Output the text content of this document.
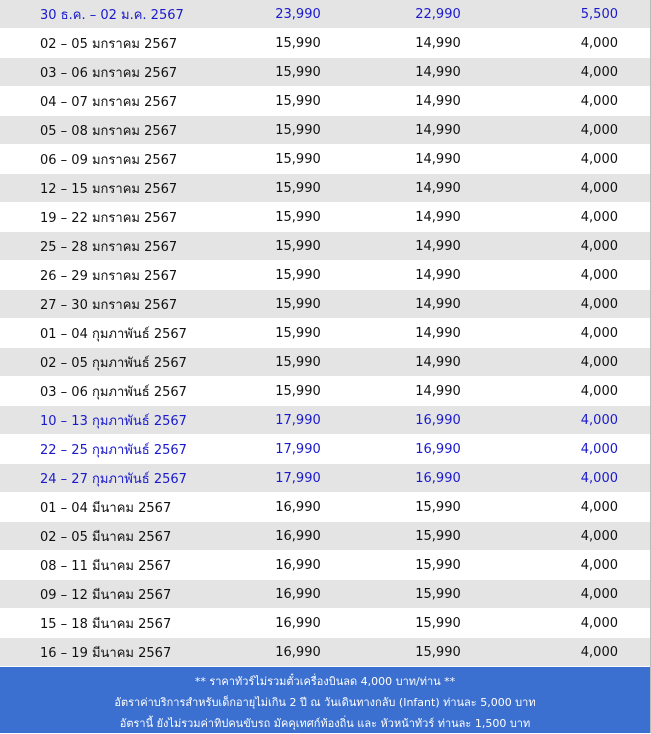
30 ธ.ค. – 02 ม.ค. 2567	23,990	22,990	5,500
02 – 05 มกราคม 2567	15,990	14,990	4,000
03 – 06 มกราคม 2567	15,990	14,990	4,000
04 – 07 มกราคม 2567	15,990	14,990	4,000
05 – 08 มกราคม 2567	15,990	14,990	4,000
06 – 09 มกราคม 2567	15,990	14,990	4,000
12 – 15 มกราคม 2567	15,990	14,990	4,000
19 – 22 มกราคม 2567	15,990	14,990	4,000
25 – 28 มกราคม 2567	15,990	14,990	4,000
26 – 29 มกราคม 2567	15,990	14,990	4,000
27 – 30 มกราคม 2567	15,990	14,990	4,000
01 – 04 กุมภาพันธ์ 2567	15,990	14,990	4,000
02 – 05 กุมภาพันธ์ 2567	15,990	14,990	4,000
03 – 06 กุมภาพันธ์ 2567	15,990	14,990	4,000
10 – 13 กุมภาพันธ์ 2567	17,990	16,990	4,000
22 – 25 กุมภาพันธ์ 2567	17,990	16,990	4,000
24 – 27 กุมภาพันธ์ 2567	17,990	16,990	4,000
01 – 04 มีนาคม 2567	16,990	15,990	4,000
02 – 05 มีนาคม 2567	16,990	15,990	4,000
08 – 11 มีนาคม 2567	16,990	15,990	4,000
09 – 12 มีนาคม 2567	16,990	15,990	4,000
15 – 18 มีนาคม 2567	16,990	15,990	4,000
16 – 19 มีนาคม 2567	16,990	15,990	4,000
** ราคาทัวร์ไม่รวมตั๋วเครื่องบินลด 4,000 บาท/ท่าน **
อัตราค่าบริการสำหรับเด็กอายุไม่เกิน 2 ปี ณ วันเดินทางกลับ (Infant) ท่านละ 5,000 บาท
อัตรานี้ ยังไม่รวมค่าทิปคนขับรถ มัคคุเทศก์ท้องถิ่น และ หัวหน้าทัวร์ ท่านละ 1,500 บาท
